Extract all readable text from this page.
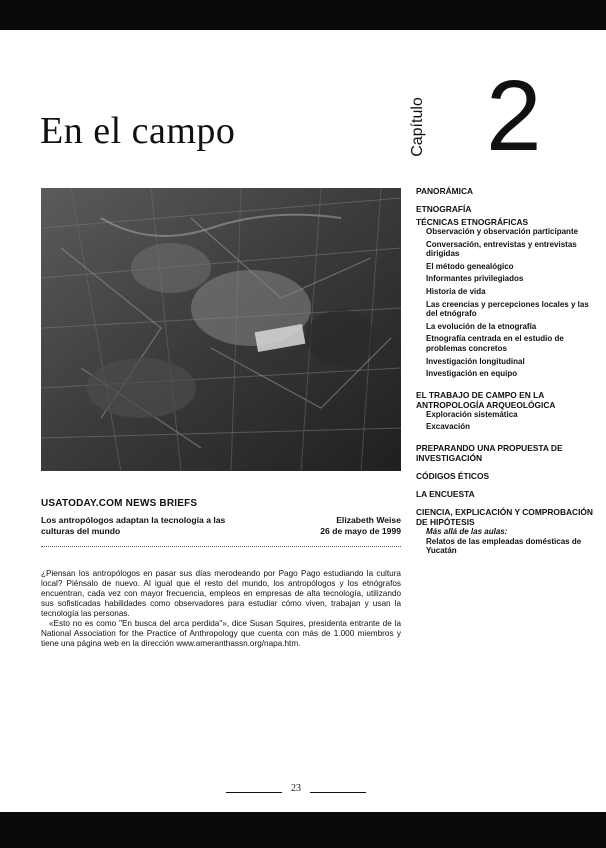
En el campo	Capítulo 2
PANORÁMICA
ETNOGRAFÍA
TÉCNICAS ETNOGRÁFICAS
Observación y observación participante
Conversación, entrevistas y entrevistas dirigidas
El método genealógico
Informantes privilegiados
Historia de vida
Las creencias y percepciones locales y las del etnógrafo
La evolución de la etnografía
Etnografía centrada en el estudio de problemas concretos
Investigación longitudinal
Investigación en equipo
EL TRABAJO DE CAMPO EN LA ANTROPOLOGÍA ARQUEOLÓGICA
Exploración sistemática
Excavación
PREPARANDO UNA PROPUESTA DE INVESTIGACIÓN
CÓDIGOS ÉTICOS
LA ENCUESTA
CIENCIA, EXPLICACIÓN Y COMPROBACIÓN DE HIPÓTESIS
Más allá de las aulas:
Relatos de las empleadas domésticas de Yucatán
USATODAY.COM NEWS BRIEFS
Los antropólogos adaptan la tecnología a las culturas del mundo
Elizabeth Weise
26 de mayo de 1999

¿Piensan los antropólogos en pasar sus días merodeando por Pago Pago estudiando la cultura local? Piénsalo de nuevo. Al igual que el resto del mundo, los antropólogos y los etnógrafos encuentran, cada vez con mayor frecuencia, empleos en empresas de alta tecnología, utilizando sus sofisticadas habilidades como observadores para estudiar cómo viven, trabajan y usan la tecnología las personas.

«Esto no es como "En busca del arca perdida"», dice Susan Squires, presidenta entrante de la National Association for the Practice of Anthropology que cuenta con más de 1.000 miembros y tiene una página web en la dirección www.ameranthassn.org/napa.htm.

23
